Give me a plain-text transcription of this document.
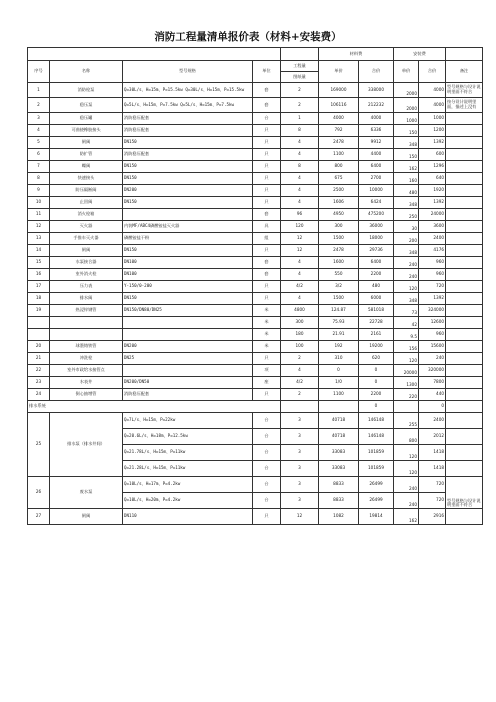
消防工程量清单报价表（材料+安装费）
					材料费		安装费		
序号	名称	型号规格	单位	工程量	单价	合价	单价	合价	备注
				图纸量					
1	消防栓泵	Q=30L/s、H=15m、P=15.5kw Q=30L/s、H=15m、P=15.5kw	套	2	169000	338000	2000	4000	型号规格与设计说明里面不符合
2	稳压泵	Q=5L/s、H=15m、P=7.5kw Q=5L/s、H=15m、P=7.5kw	套	2	106116	212232	2000	4000	按分设计说明里面，描述上没有
3	稳压罐	消防稳压配套	台	1	4000	4000	1000	1000	
4	可曲挠橡胶接头	消防稳压配套	只	8	792	6336	150	1200	
5	闸阀	DN150	只	4	2478	9912	348	1392	
6	防扩管	消防稳压配套	只	4	1100	4400	150	600	
7	蝶阀	DN150	只	8	800	6400	162	1296	
8	快速接头	DN150	只	4	675	2700	160	640	
9	防压隔断阀	DN200	只	4	2500	10000	480	1920	
10	止回阀	DN150	只	4	1606	6424	348	1392	
11	消火栓箱		套	96	4950	475200	250	24000	
12	灭火器	内装MF/ABC4磷酸铵盐灭火器	具	120	300	36000	30	3600	
13	手推车灭火器	磷酸铵盐干粉	组	12	1500	18000	200	2400	
14	闸阀	DN150	只	12	2478	29736	348	4176	
15	水泵接合器	DN100	套	4	1600	6400	240	960	
16	室外消火栓	DN100	套	4	550	2200	240	960	
17	压力表	Y-150/0-200	只	4/2	3/2	480	120	720	
18	排水阀	DN150	只	4	1500	6000	348	1392	
19	热浸锌钢管	DN150/DN80/DN25	米	4800	124.87	581018	73	324000	
			米	300	75.93	22728	42	12600	
			米	180	21.91	2161	9.5	960	
20	球墨铸铁管	DN200	米	100	192	19200	156	15600	
21	冲洗栓	DN25	只	2	310	620	120	240	
22	室外市政给水接管点		项	4	0	0	20000	320000	
23	水表井	DN200/DN50	座	4/2	1/0	0	1300	7800	
24	倒心抽增管	消防稳压配套	只	2	1100	2200	220	440	
排水系统						0		0	
25	排水泵（排水井间）	Q=7L/s、H=15m、P=22kw	台	3	40718	146148	255	2400	
		Q=20.6L/s、H=18m、P=12.5kw	台	3	40718	146148	800	2012	
		Q=21.78L/s、H=15m、P=11kw	台	3	33083	101859	120	1418	
		Q=21.28L/s、H=15m、P=11kw	台	3	33083	101859	120	1418	
26	废水泵	Q=10L/s、H=17m、P=4.2kw	台	3	8833	26499	240	720	型号规格与设计说明里面不符合
		Q=10L/s、H=20m、P=4.2kw	台	3	8833	26499	240	720	
27	闸阀	DN110	只	12	1082	19814	162	2916	
